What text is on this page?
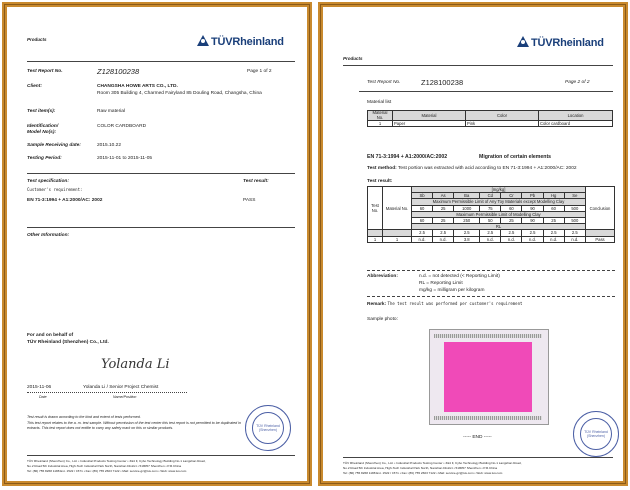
Products	TÜVRheinland
Test Report No.	Z128100238	Page 1 of 2
Client:	CHANGSHA HOWE ARTS CO., LTD.
Room 305 Building 4, Charmed Fairyland 85 Douling Road, Changsha, China
Test item(s):	Raw material
Identification/
Model No(s):
COLOR CARDBOARD
Sample Receiving date:	2015.10.22
Testing Period:	2015-11-01 to 2015-11-05
Test specification:	Test result:
Customer's requirement:
EN 71-3:1994 + A1:2000/AC: 2002	PASS
Other Information:
For and on behalf of
TÜV Rheinland (Shenzhen) Co., Ltd.
Yolanda Li
2015-11-06	Yolanda Li / Senior Project Chemist
Date	Name/Position
Test result is drawn according to the kind and extent of tests performed.
This test report relates to the a. m. test sample. Without permission of the test center this test report is not permitted to be duplicated in extracts. This test report does not entitle to carry any safety mark on this or similar products.	TÜV Rheinland (Shenzhen)
TÜV Rheinland (Shenzhen) Co., Ltd. • Industrial Products Testing Center • 3&4 F, Cybo Technology Building No.1 Langshan Road,
No.2 Road 5th Industrial Area, High-Tech Industrial Park North, Nanshan District • 518057 Shenzhen • P.R.China
Tel: (86) 755 8268 1188 Ext. 1522 / 1571 • Fax: (86) 755 2603 7122 • Mail: service-gz@tuv.com • Web: www.tuv.com
Products
TÜVRheinland
Test Report No.	Z128100238	Page 2 of 2
Material list
Material No.	Material	Color	Location
1	Paper	Pink	Color cardboard
EN 71-3:1994 + A1:2000/AC:2002	Migration of certain elements
Test method: Test portion was extracted with acid according to EN 71-3:1994 + A1:2000/AC: 2002
Test result:
Test No.	Material No.	[mg/kg]								Conclusion
		Sb	As	Ba	Cd	Cr	Pb	Hg	Se	
		Maximum Permissible Limit of Any Toy Materials except Modelling Clay								
		60	25	1000	75	60	90	60	500	
		Maximum Permissible Limit of Modelling Clay								
		60	25	250	50	25	90	25	500	
		RL								
		2.5	2.5	2.5	2.5	2.5	2.5	2.5	2.5	
1	1	n.d.	n.d.	3.8	n.d.	n.d.	n.d.	n.d.	n.d.	Pass
Abbreviation:	n.d. = not detected (< Reporting Limit)
RL = Reporting Limit
mg/kg = milligram per kilogram
Remark: The test result was performed per customer's requirement
Sample photo:
----- END -----
TÜV Rheinland (Shenzhen)
TÜV Rheinland (Shenzhen) Co., Ltd. • Industrial Products Testing Center • 3&4 F, Cybo Technology Building No.1 Langshan Road,
No.2 Road 5th Industrial Area, High-Tech Industrial Park North, Nanshan District • 518057 Shenzhen • P.R.China
Tel: (86) 755 8268 1188 Ext. 1522 / 1571 • Fax: (86) 755 2603 7122 • Mail: service-gz@tuv.com • Web: www.tuv.com
